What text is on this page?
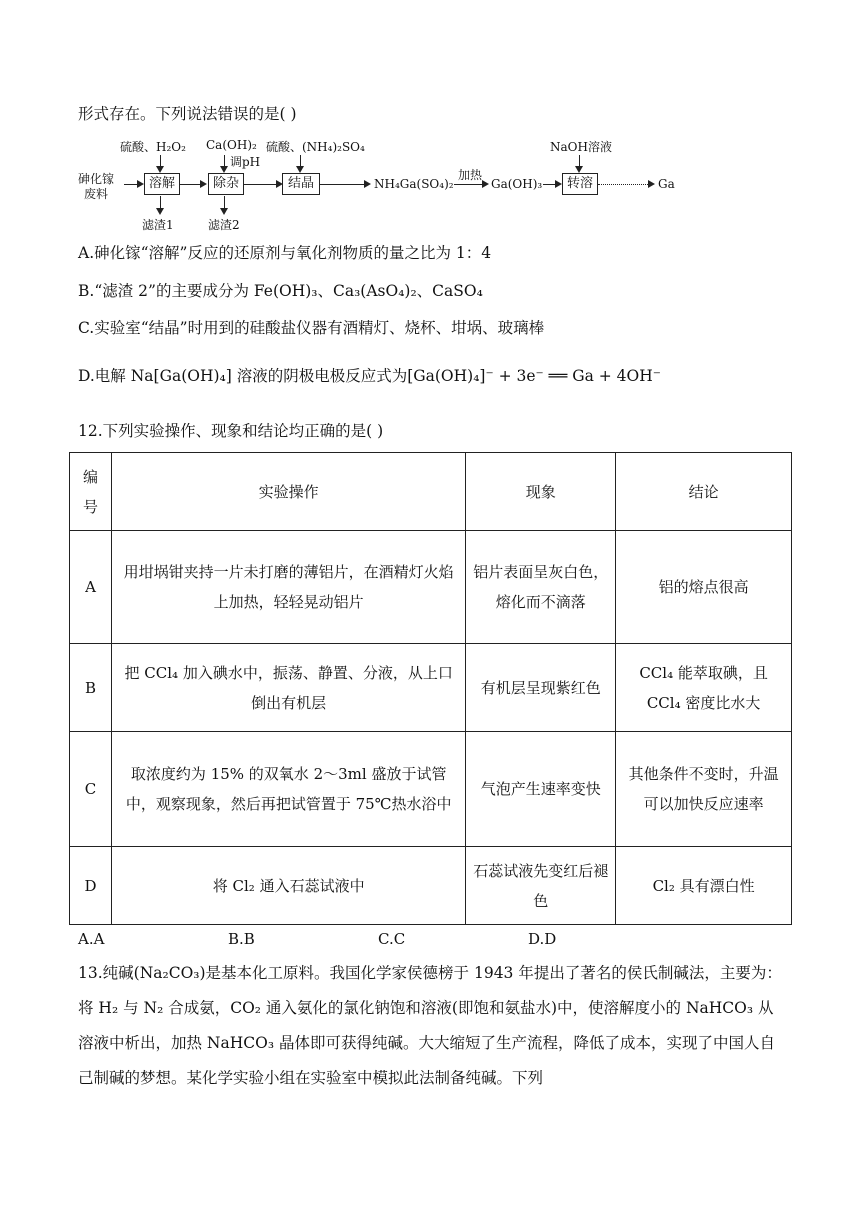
形式存在。下列说法错误的是( )
砷化镓
废料
硫酸、H₂O₂
溶解
滤渣1
Ca(OH)₂
调pH
除杂
滤渣2
硫酸、(NH₄)₂SO₄
结晶	NH₄Ga(SO₄)₂
加热
Ga(OH)₃
NaOH溶液
转溶	Ga
A.砷化镓“溶解”反应的还原剂与氧化剂物质的量之比为 1：4
B.“滤渣 2”的主要成分为 Fe(OH)₃、Ca₃(AsO₄)₂、CaSO₄
C.实验室“结晶”时用到的硅酸盐仪器有酒精灯、烧杯、坩埚、玻璃棒
D.电解 Na[Ga(OH)₄] 溶液的阴极电极反应式为[Ga(OH)₄]⁻ + 3e⁻ ══ Ga + 4OH⁻
12.下列实验操作、现象和结论均正确的是( )
编号	实验操作	现象	结论
A	用坩埚钳夹持一片未打磨的薄铝片，在酒精灯火焰上加热，轻轻晃动铝片	铝片表面呈灰白色，熔化而不滴落	铝的熔点很高
B	把 CCl₄ 加入碘水中，振荡、静置、分液，从上口倒出有机层	有机层呈现紫红色	CCl₄ 能萃取碘，且 CCl₄ 密度比水大
C	取浓度约为 15% 的双氧水 2～3ml 盛放于试管中，观察现象，然后再把试管置于 75℃热水浴中	气泡产生速率变快	其他条件不变时，升温可以加快反应速率
D	将 Cl₂ 通入石蕊试液中	石蕊试液先变红后褪色	Cl₂ 具有漂白性
A.A	B.B	C.C	D.D
13.纯碱(Na₂CO₃)是基本化工原料。我国化学家侯德榜于 1943 年提出了著名的侯氏制碱法，主要为：将 H₂ 与 N₂ 合成氨，CO₂ 通入氨化的氯化钠饱和溶液(即饱和氨盐水)中，使溶解度小的 NaHCO₃ 从溶液中析出，加热 NaHCO₃ 晶体即可获得纯碱。大大缩短了生产流程，降低了成本，实现了中国人自己制碱的梦想。某化学实验小组在实验室中模拟此法制备纯碱。下列
